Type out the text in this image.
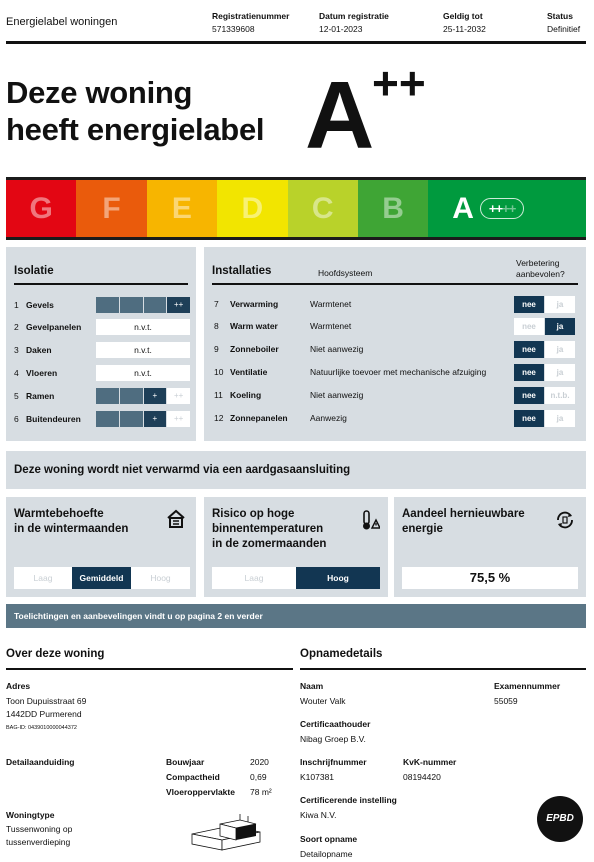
Energielabel woningen	Registratienummer
571339608
Datum registratie
12-01-2023
Geldig tot
25-11-2032
Status
Definitief
Deze woning
heeft energielabel A
++
G	F	E	D	C	B	A	++++
Isolatie
1 Gevels	++
2 Gevelpanelen	n.v.t.
3 Daken	n.v.t.
4 Vloeren	n.v.t.
5 Ramen	+	++
6 Buitendeuren	+	++
Installaties	Hoofdsysteem
Verbetering
aanbevolen?
7 Verwarming	Warmtenet	nee	ja
8 Warm water	Warmtenet	nee	ja
9 Zonneboiler	Niet aanwezig	nee	ja
10 Ventilatie	Natuurlijke toevoer met mechanische afzuiging	nee	ja
11 Koeling	Niet aanwezig	nee	n.t.b.
12 Zonnepanelen	Aanwezig	nee	ja
Deze woning wordt niet verwarmd via een aardgasaansluiting
Warmtebehoefte
in de wintermaanden
Laag	Gemiddeld	Hoog
Risico op hoge
binnentemperaturen
in de zomermaanden
Laag	Hoog
Aandeel hernieuwbare
energie
75,5 %
Toelichtingen en aanbevelingen vindt u op pagina 2 en verder
Over deze woning
Adres
Toon Dupuisstraat 69
1442DD Purmerend
BAG-ID: 0439010000044372
Detailaanduiding	Bouwjaar	2020
Compactheid	0,69
Vloeroppervlakte 78 m²
Woningtype
Tussenwoning op
tussenverdieping
Opnamedetails
Naam
Wouter Valk
Examennummer
55059
Certificaathouder
Nibag Groep B.V.
Inschrijfnummer
K107381
KvK-nummer
08194420
Certificerende instelling
Kiwa N.V.
Soort opname
Detailopname
EPBD
